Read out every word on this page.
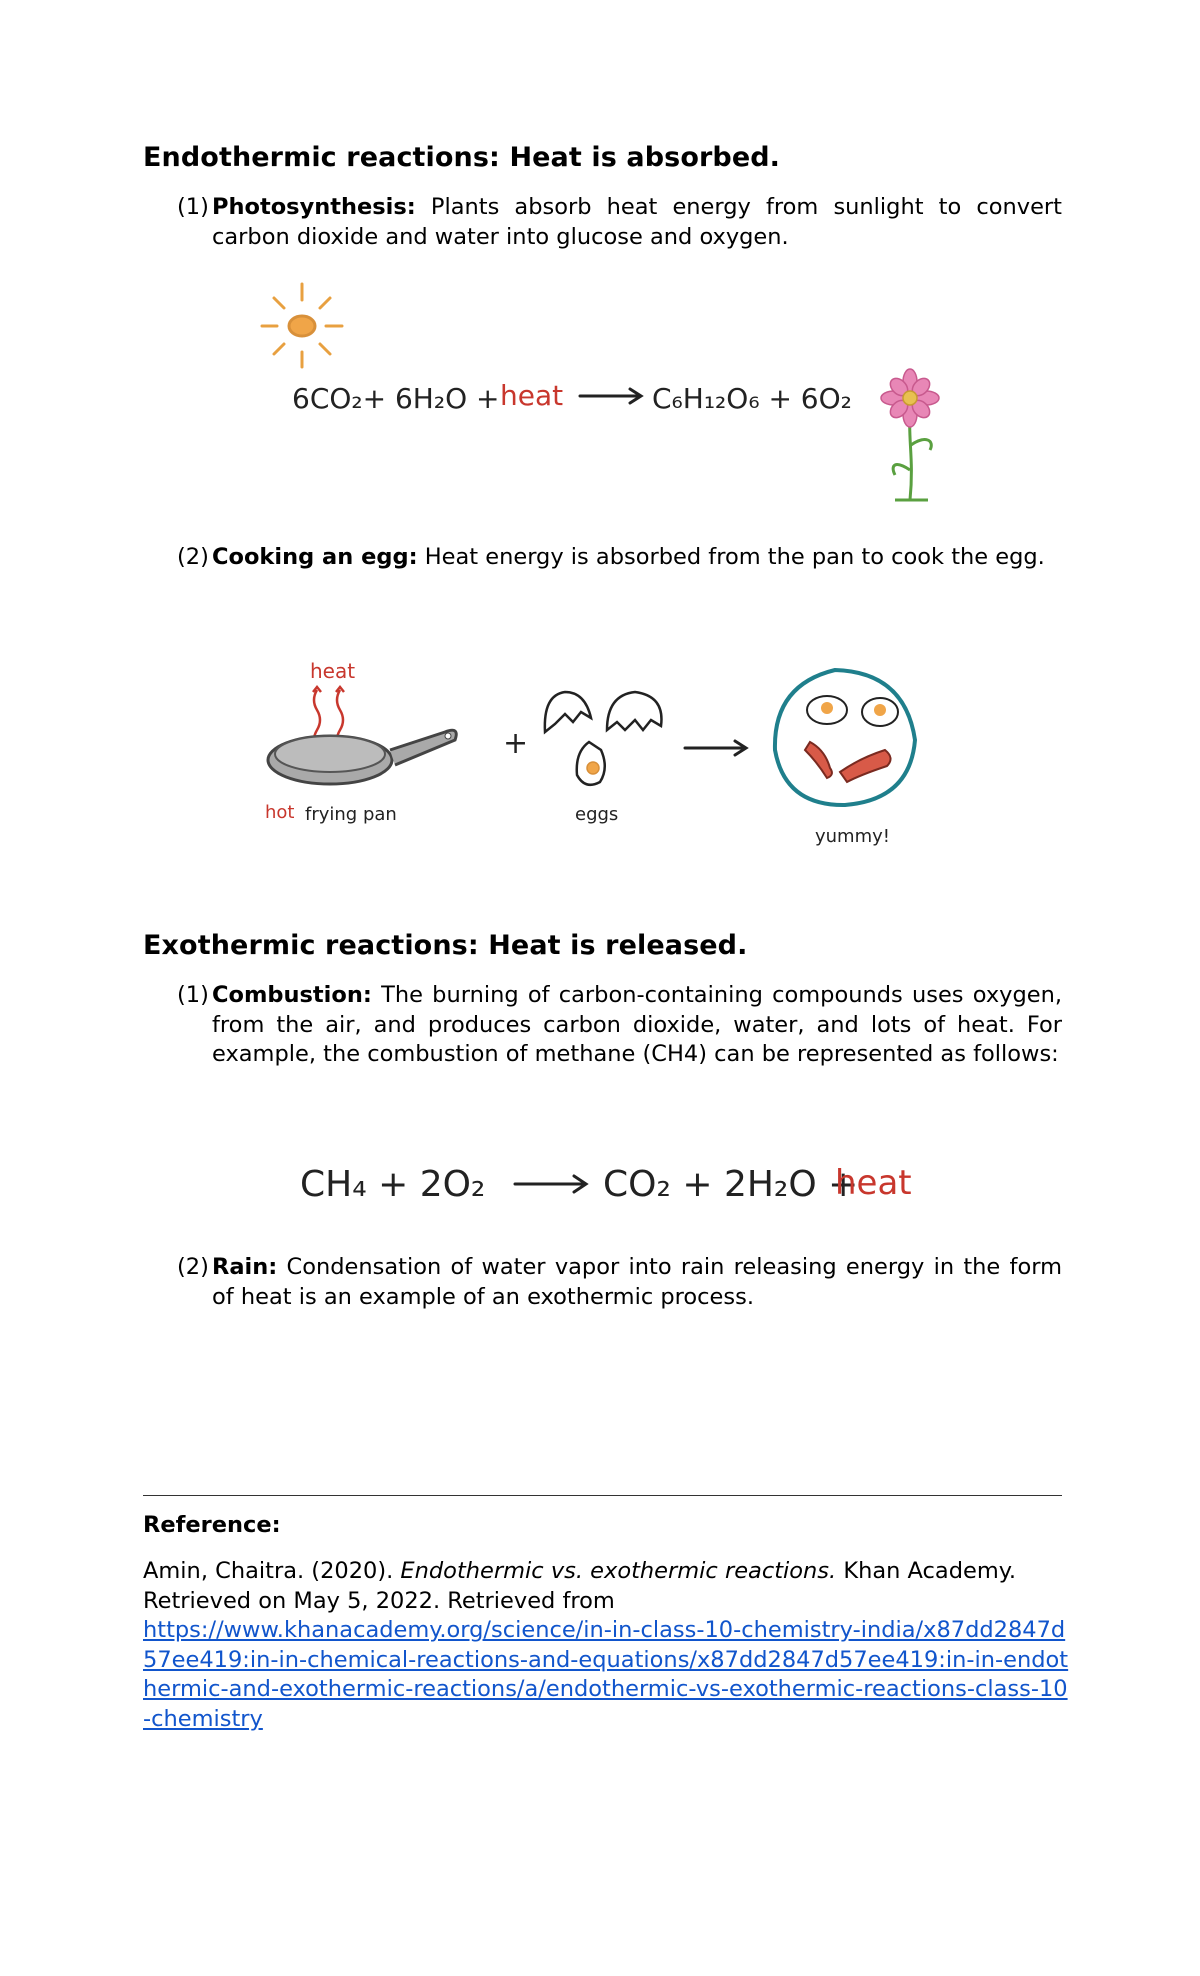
Endothermic reactions: Heat is absorbed.
(1) Photosynthesis: Plants absorb heat energy from sunlight to convert carbon dioxide and water into glucose and oxygen.
6CO₂+ 6H₂O + heat	C₆H₁₂O₆ + 6O₂
(2) Cooking an egg: Heat energy is absorbed from the pan to cook the egg.
heat
hot frying pan
+
eggs
yummy!
Exothermic reactions: Heat is released.
(1) Combustion: The burning of carbon-containing compounds uses oxygen, from the air, and produces carbon dioxide, water, and lots of heat. For example, the combustion of methane (CH4) can be represented as follows:
CH₄ + 2O₂	CO₂ + 2H₂O +
heat
(2) Rain: Condensation of water vapor into rain releasing energy in the form of heat is an example of an exothermic process.
Reference:
Amin, Chaitra. (2020). Endothermic vs. exothermic reactions. Khan Academy. Retrieved on May 5, 2022. Retrieved from
https://www.khanacademy.org/science/in-in-class-10-chemistry-india/x87dd2847d57ee419:in-in-chemical-reactions-and-equations/x87dd2847d57ee419:in-in-endothermic-and-exothermic-reactions/a/endothermic-vs-exothermic-reactions-class-10-chemistry
